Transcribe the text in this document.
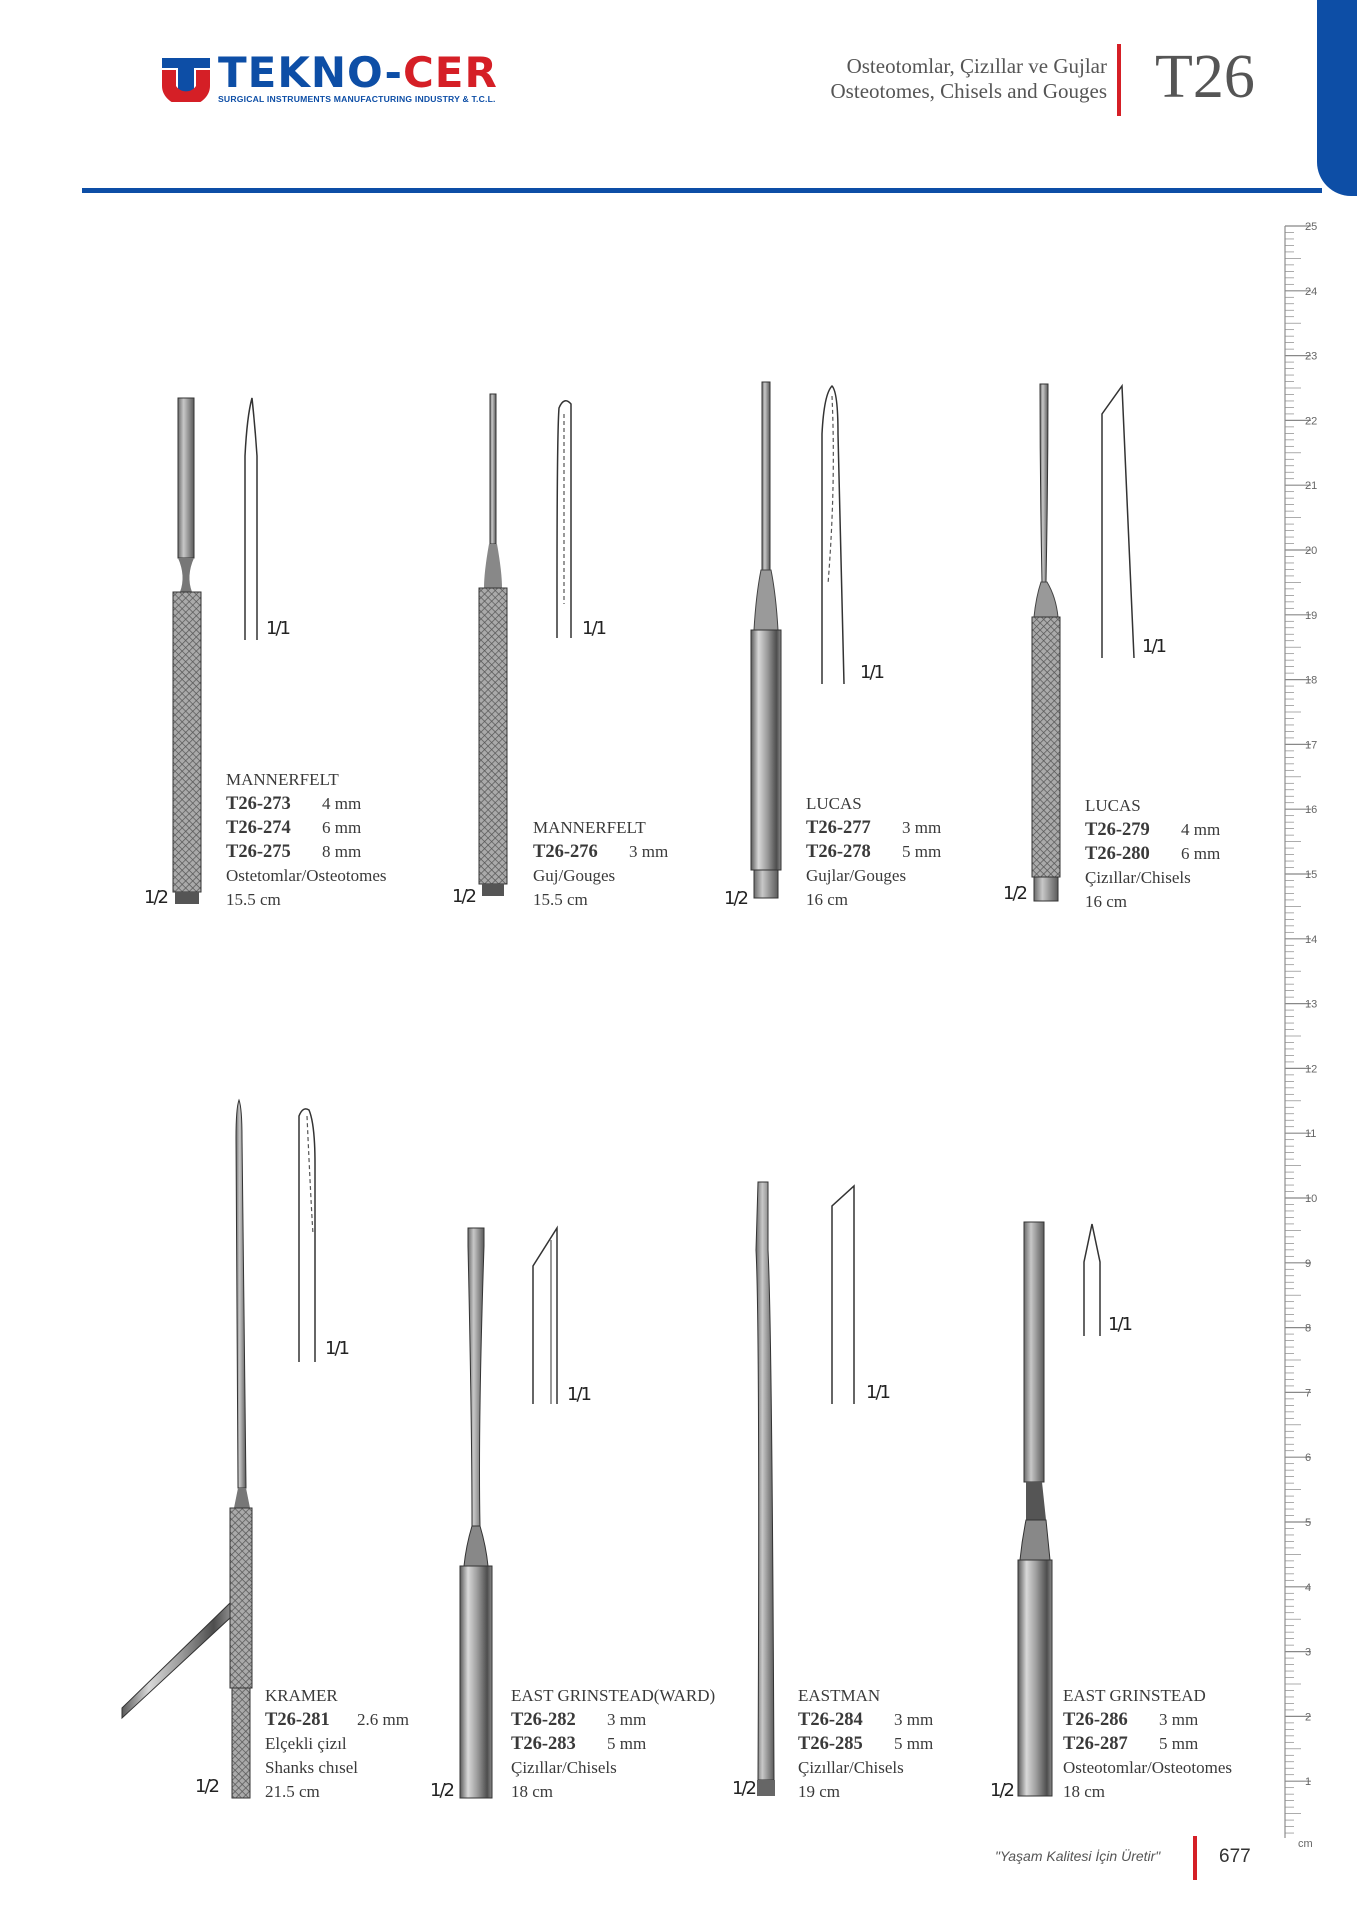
TEKNO-CER
SURGICAL INSTRUMENTS MANUFACTURING INDUSTRY & T.C.L.
Osteotomlar, Çizıllar ve Gujlar
Osteotomes, Chisels and Gouges T26
25
24
23
22
21
20
19
18
17
16
15
14
13
12
11
10
9
8
7
6
5
4
3
2
1
cm
1/1
1/2
1/1
1/2
1/1
1/2
1/1
1/2
MANNERFELT
T26-273	4 mm
T26-274	6 mm
T26-275	8 mm
Ostetomlar/Osteotomes
15.5 cm
MANNERFELT
T26-276	3 mm
Guj/Gouges
15.5 cm
LUCAS
T26-277	3 mm
T26-278	5 mm
Gujlar/Gouges
16 cm
LUCAS
T26-279	4 mm
T26-280	6 mm
Çizıllar/Chisels
16 cm
1/1
1/2
1/1
1/2
1/1
1/2
1/1
1/2
KRAMER
T26-281	2.6 mm
Elçekli çizıl
Shanks chısel
21.5 cm
EAST GRINSTEAD(WARD)
T26-282	3 mm
T26-283	5 mm
Çizıllar/Chisels
18 cm
EASTMAN
T26-284	3 mm
T26-285	5 mm
Çizıllar/Chisels
19 cm
EAST GRINSTEAD
T26-286	3 mm
T26-287	5 mm
Osteotomlar/Osteotomes
18 cm
"Yaşam Kalitesi İçin Üretir"	677
